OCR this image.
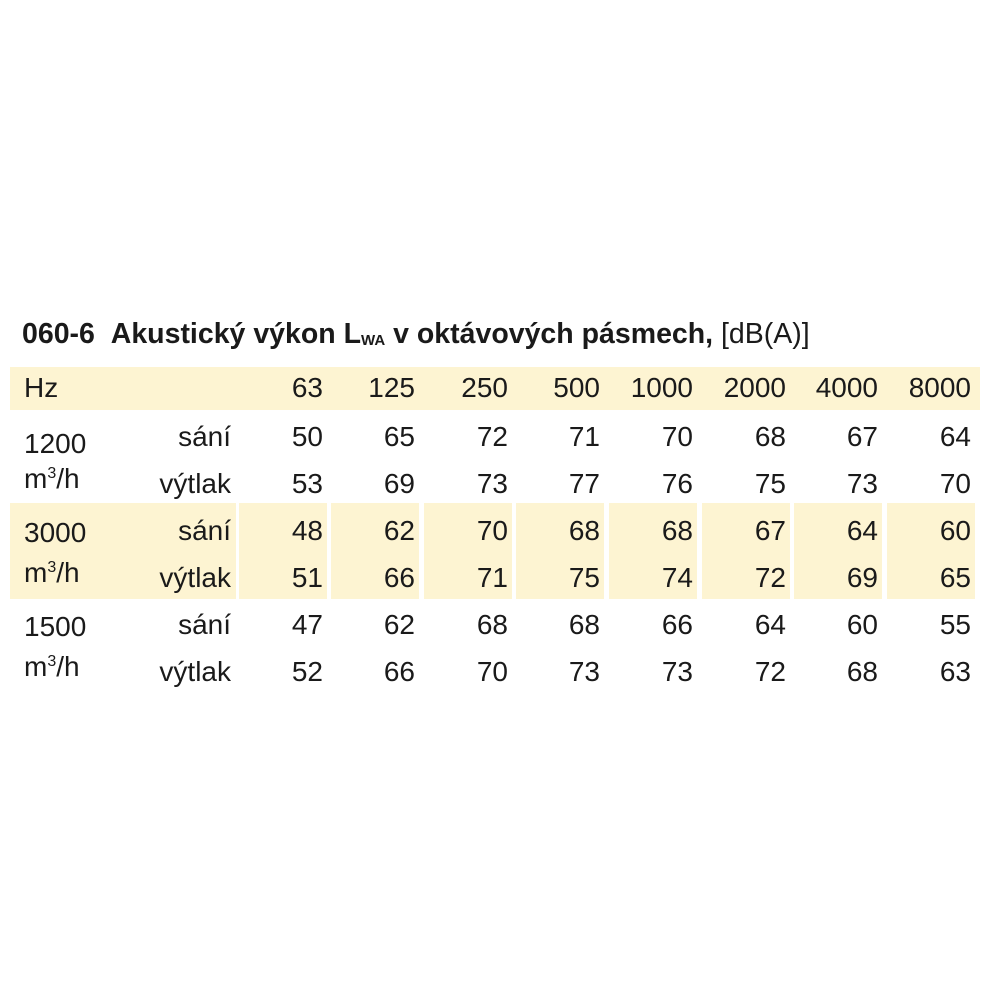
060-6 Akustický výkon LWA v oktávových pásmech, [dB(A)]
Hz	63	125	250	500	1000	2000	4000	8000
1200
$m^3/h$
sání	50	65	72	71	70	68	67	64
výtlak	53	69	73	77	76	75	73	70
3000
$m^3/h$
sání	48	62	70	68	68	67	64	60
výtlak	51	66	71	75	74	72	69	65
1500
$m^3/h$
sání	47	62	68	68	66	64	60	55
výtlak	52	66	70	73	73	72	68	63
